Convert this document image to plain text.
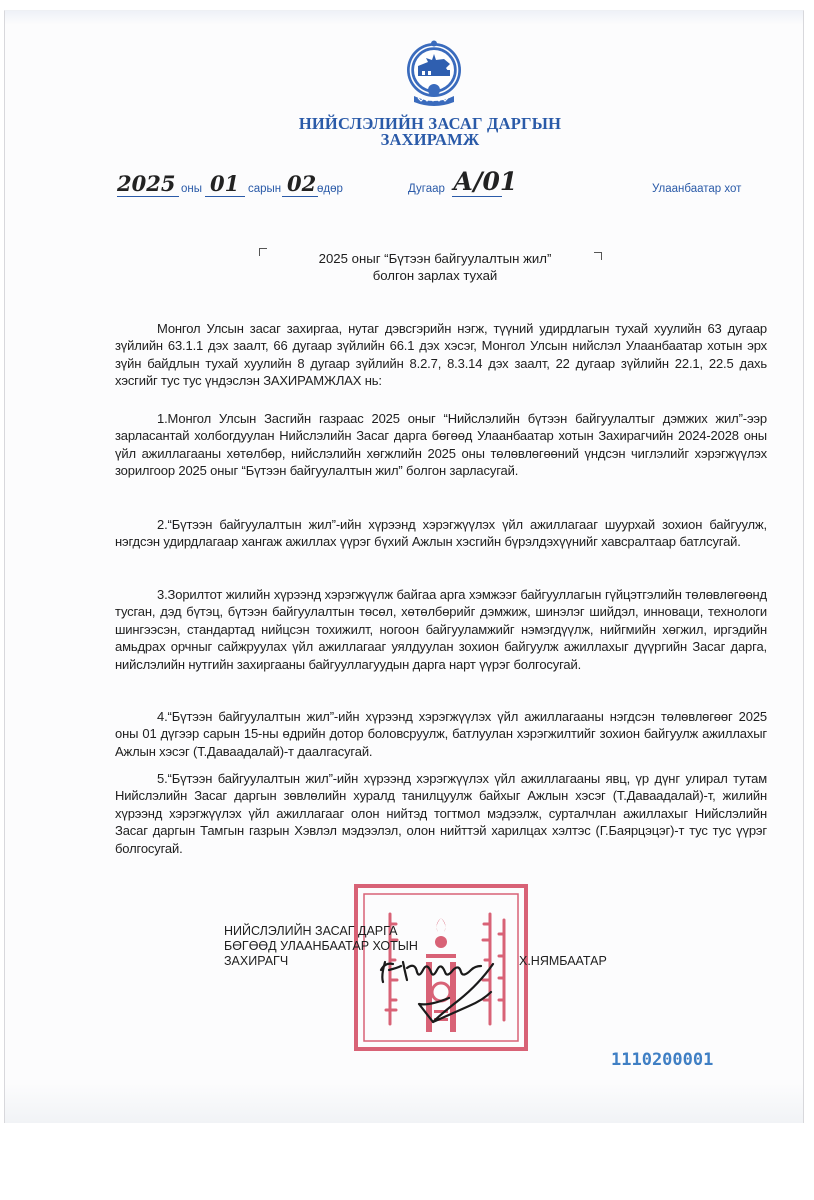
НИЙСЛЭЛИЙН ЗАСАГ ДАРГЫН
ЗАХИРАМЖ
2025 оны 01 сарын 02 өдөр	Дугаар А/01	Улаанбаатар хот
2025 оныг “Бүтээн байгуулалтын жил”
болгон зарлах тухай

Монгол Улсын засаг захиргаа, нутаг дэвсгэрийн нэгж, түүний удирдлагын тухай хуулийн 63 дугаар зүйлийн 63.1.1 дэх заалт, 66 дугаар зүйлийн 66.1 дэх хэсэг, Монгол Улсын нийслэл Улаанбаатар хотын эрх зүйн байдлын тухай хуулийн 8 дугаар зүйлийн 8.2.7, 8.3.14 дэх заалт, 22 дугаар зүйлийн 22.1, 22.5 дахь хэсгийг тус тус үндэслэн ЗАХИРАМЖЛАХ нь:

1.Монгол Улсын Засгийн газраас 2025 оныг “Нийслэлийн бүтээн байгуулалтыг дэмжих жил”-ээр зарласантай холбогдуулан Нийслэлийн Засаг дарга бөгөөд Улаанбаатар хотын Захирагчийн 2024-2028 оны үйл ажиллагааны хөтөлбөр, нийслэлийн хөгжлийн 2025 оны төлөвлөгөөний үндсэн чиглэлийг хэрэгжүүлэх зорилгоор 2025 оныг “Бүтээн байгуулалтын жил” болгон зарласугай.

2.“Бүтээн байгуулалтын жил”-ийн хүрээнд хэрэгжүүлэх үйл ажиллагааг шуурхай зохион байгуулж, нэгдсэн удирдлагаар хангаж ажиллах үүрэг бүхий Ажлын хэсгийн бүрэлдэхүүнийг хавсралтаар батлсугай.

3.Зорилтот жилийн хүрээнд хэрэгжүүлж байгаа арга хэмжээг байгууллагын гүйцэтгэлийн төлөвлөгөөнд тусган, дэд бүтэц, бүтээн байгуулалтын төсөл, хөтөлбөрийг дэмжиж, шинэлэг шийдэл, инноваци, технологи шингээсэн, стандартад нийцсэн тохижилт, ногоон байгууламжийг нэмэгдүүлж, нийгмийн хөгжил, иргэдийн амьдрах орчныг сайжруулах үйл ажиллагааг уялдуулан зохион байгуулж ажиллахыг дүүргийн Засаг дарга, нийслэлийн нутгийн захиргааны байгууллагуудын дарга нарт үүрэг болгосугай.

4.“Бүтээн байгуулалтын жил”-ийн хүрээнд хэрэгжүүлэх үйл ажиллагааны нэгдсэн төлөвлөгөөг 2025 оны 01 дүгээр сарын 15-ны өдрийн дотор боловсруулж, батлуулан хэрэгжилтийг зохион байгуулж ажиллахыг Ажлын хэсэг (Т.Даваадалай)-т даалгасугай.

5.“Бүтээн байгуулалтын жил”-ийн хүрээнд хэрэгжүүлэх үйл ажиллагааны явц, үр дүнг улирал тутам Нийслэлийн Засаг даргын зөвлөлийн хуралд танилцуулж байхыг Ажлын хэсэг (Т.Даваадалай)-т, жилийн хүрээнд хэрэгжүүлэх үйл ажиллагааг олон нийтэд тогтмол мэдээлж, сурталчлан ажиллахыг Нийслэлийн Засаг даргын Тамгын газрын Хэвлэл мэдээлэл, олон нийттэй харилцах хэлтэс (Г.Баярцэцэг)-т тус тус үүрэг болгосугай.

НИЙСЛЭЛИЙН ЗАСАГ ДАРГА
БӨГӨӨД УЛААНБААТАР ХОТЫН
ЗАХИРАГЧ	Х.НЯМБААТАР
1110200001
